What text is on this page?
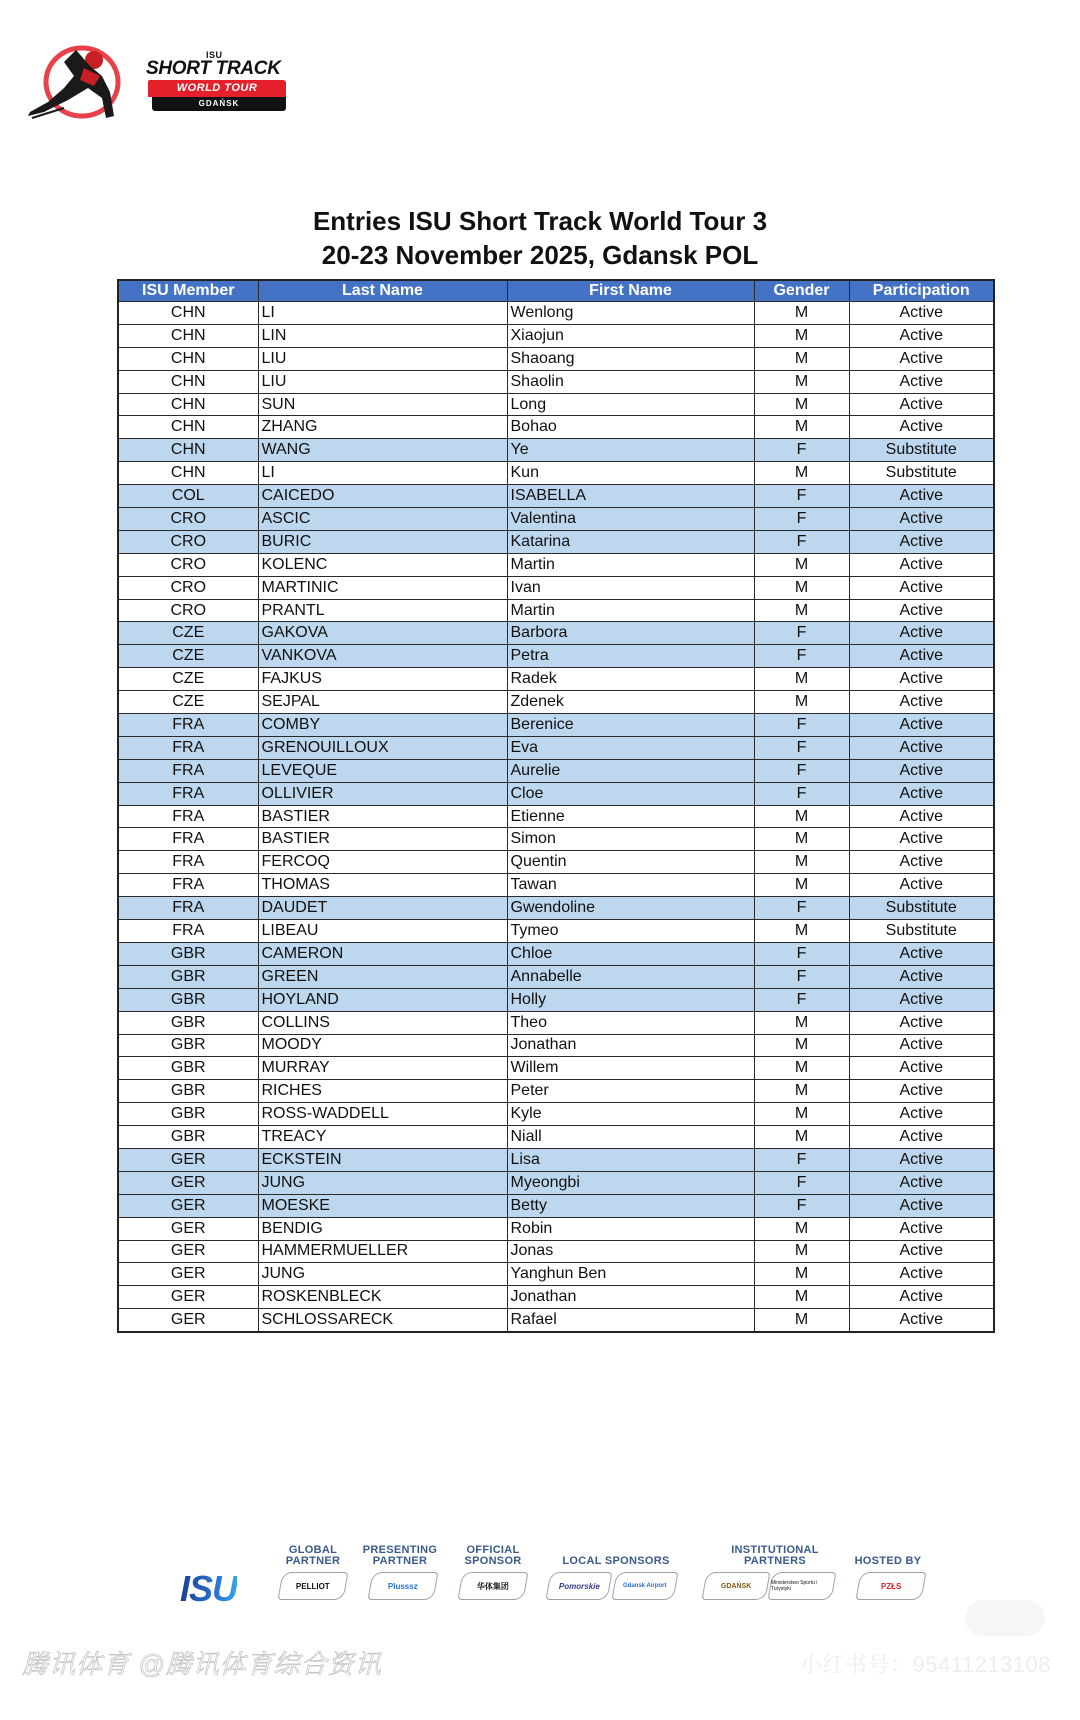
ISU
SHORT TRACK
WORLD TOUR
GDAŃSK
Entries ISU Short Track World Tour 3
20-23 November 2025, Gdansk POL
ISU Member	Last Name	First Name	Gender	Participation
CHN	LI	Wenlong	M	Active
CHN	LIN	Xiaojun	M	Active
CHN	LIU	Shaoang	M	Active
CHN	LIU	Shaolin	M	Active
CHN	SUN	Long	M	Active
CHN	ZHANG	Bohao	M	Active
CHN	WANG	Ye	F	Substitute
CHN	LI	Kun	M	Substitute
COL	CAICEDO	ISABELLA	F	Active
CRO	ASCIC	Valentina	F	Active
CRO	BURIC	Katarina	F	Active
CRO	KOLENC	Martin	M	Active
CRO	MARTINIC	Ivan	M	Active
CRO	PRANTL	Martin	M	Active
CZE	GAKOVA	Barbora	F	Active
CZE	VANKOVA	Petra	F	Active
CZE	FAJKUS	Radek	M	Active
CZE	SEJPAL	Zdenek	M	Active
FRA	COMBY	Berenice	F	Active
FRA	GRENOUILLOUX	Eva	F	Active
FRA	LEVEQUE	Aurelie	F	Active
FRA	OLLIVIER	Cloe	F	Active
FRA	BASTIER	Etienne	M	Active
FRA	BASTIER	Simon	M	Active
FRA	FERCOQ	Quentin	M	Active
FRA	THOMAS	Tawan	M	Active
FRA	DAUDET	Gwendoline	F	Substitute
FRA	LIBEAU	Tymeo	M	Substitute
GBR	CAMERON	Chloe	F	Active
GBR	GREEN	Annabelle	F	Active
GBR	HOYLAND	Holly	F	Active
GBR	COLLINS	Theo	M	Active
GBR	MOODY	Jonathan	M	Active
GBR	MURRAY	Willem	M	Active
GBR	RICHES	Peter	M	Active
GBR	ROSS-WADDELL	Kyle	M	Active
GBR	TREACY	Niall	M	Active
GER	ECKSTEIN	Lisa	F	Active
GER	JUNG	Myeongbi	F	Active
GER	MOESKE	Betty	F	Active
GER	BENDIG	Robin	M	Active
GER	HAMMERMUELLER	Jonas	M	Active
GER	JUNG	Yanghun Ben	M	Active
GER	ROSKENBLECK	Jonathan	M	Active
GER	SCHLOSSARECK	Rafael	M	Active
ISU
GLOBAL
PARTNER
PELLIOT
PRESENTING
PARTNER
Plusssz
OFFICIAL
SPONSOR
华体集团
LOCAL SPONSORS
Pomorskie	Gdansk Airport
INSTITUTIONAL
PARTNERS
GDAŃSK	Ministerstwo Sportu i Turystyki
HOSTED BY
PZŁS
腾讯体育 @腾讯体育综合资讯	小红书号：9541121310​8
